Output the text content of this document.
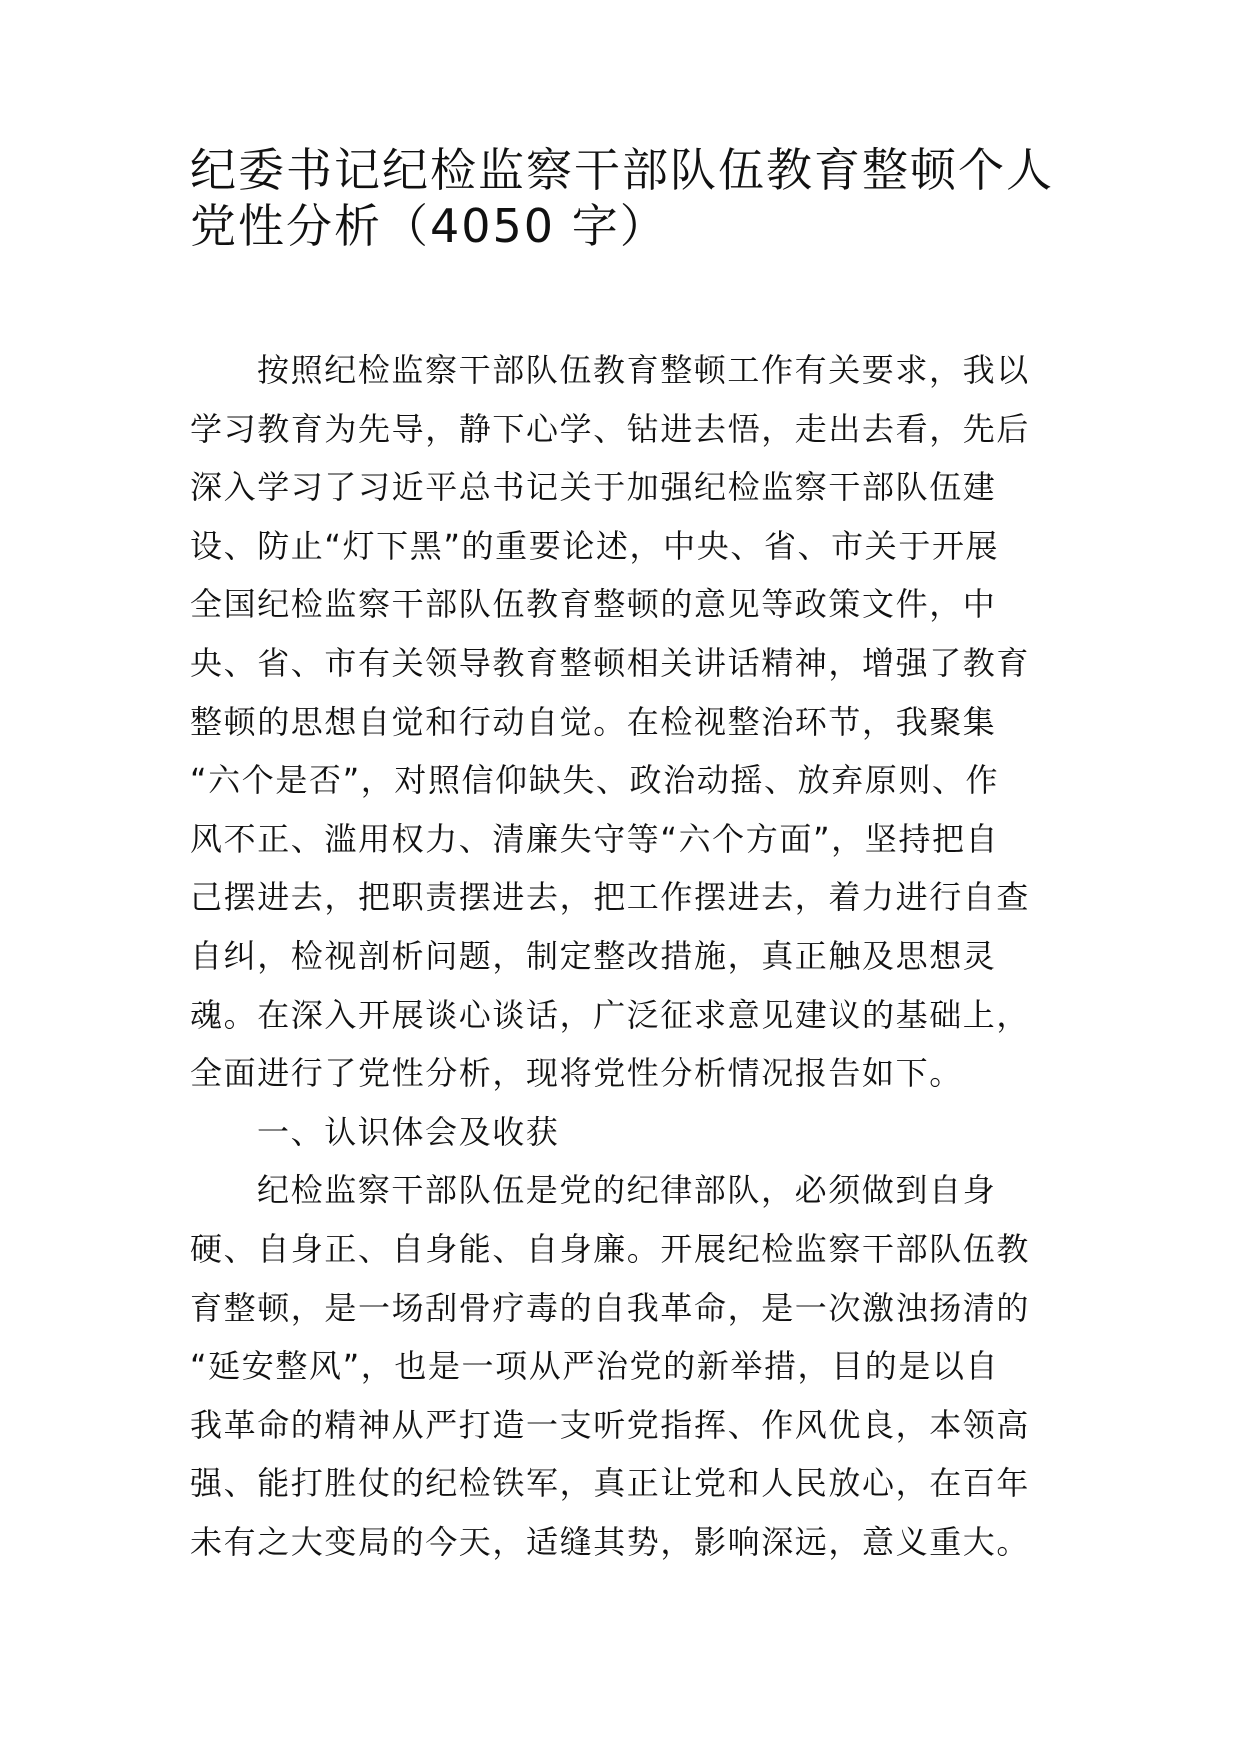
纪委书记纪检监察干部队伍教育整顿个人
党性分析（4050 字）
按照纪检监察干部队伍教育整顿工作有关要求，我以
学习教育为先导，静下心学、钻进去悟，走出去看，先后
深入学习了习近平总书记关于加强纪检监察干部队伍建
设、防止“灯下黑”的重要论述，中央、省、市关于开展
全国纪检监察干部队伍教育整顿的意见等政策文件，中
央、省、市有关领导教育整顿相关讲话精神，增强了教育
整顿的思想自觉和行动自觉。在检视整治环节，我聚集
“六个是否”，对照信仰缺失、政治动摇、放弃原则、作
风不正、滥用权力、清廉失守等“六个方面”，坚持把自
己摆进去，把职责摆进去，把工作摆进去，着力进行自查
自纠，检视剖析问题，制定整改措施，真正触及思想灵
魂。在深入开展谈心谈话，广泛征求意见建议的基础上，
全面进行了党性分析，现将党性分析情况报告如下。
一、认识体会及收获
纪检监察干部队伍是党的纪律部队，必须做到自身
硬、自身正、自身能、自身廉。开展纪检监察干部队伍教
育整顿，是一场刮骨疗毒的自我革命，是一次激浊扬清的
“延安整风”，也是一项从严治党的新举措，目的是以自
我革命的精神从严打造一支听党指挥、作风优良，本领高
强、能打胜仗的纪检铁军，真正让党和人民放心，在百年
未有之大变局的今天，适缝其势，影响深远，意义重大。
